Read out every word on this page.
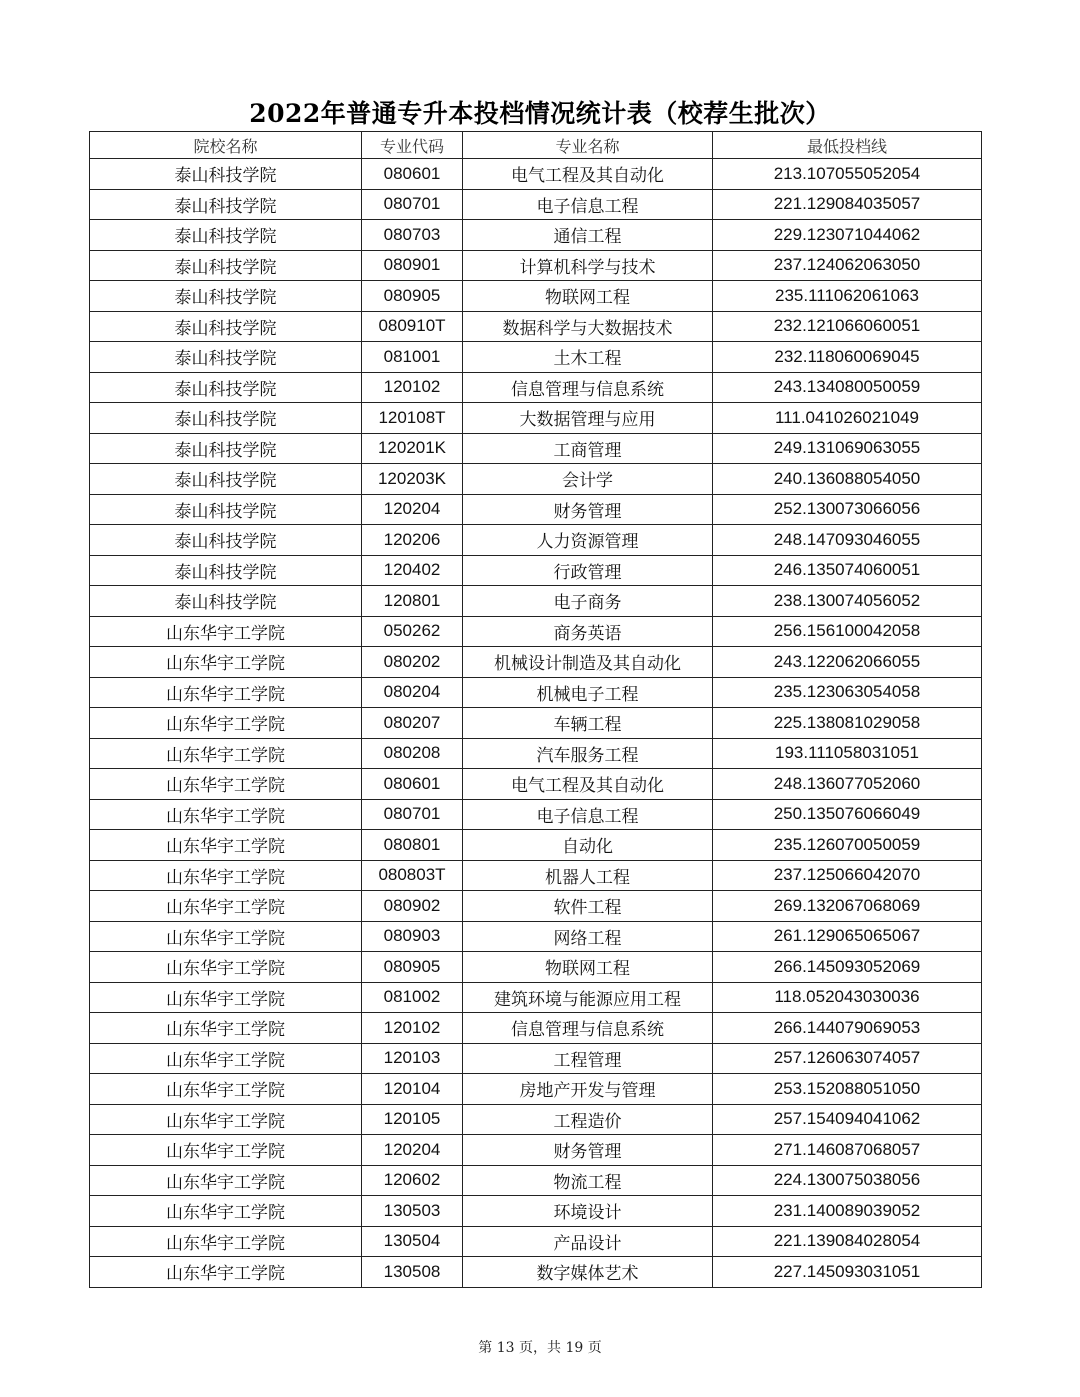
2022年普通专升本投档情况统计表（校荐生批次）
院校名称	专业代码	专业名称	最低投档线
泰山科技学院	080601	电气工程及其自动化	213.107055052054
泰山科技学院	080701	电子信息工程	221.129084035057
泰山科技学院	080703	通信工程	229.123071044062
泰山科技学院	080901	计算机科学与技术	237.124062063050
泰山科技学院	080905	物联网工程	235.111062061063
泰山科技学院	080910T	数据科学与大数据技术	232.121066060051
泰山科技学院	081001	土木工程	232.118060069045
泰山科技学院	120102	信息管理与信息系统	243.134080050059
泰山科技学院	120108T	大数据管理与应用	111.041026021049
泰山科技学院	120201K	工商管理	249.131069063055
泰山科技学院	120203K	会计学	240.136088054050
泰山科技学院	120204	财务管理	252.130073066056
泰山科技学院	120206	人力资源管理	248.147093046055
泰山科技学院	120402	行政管理	246.135074060051
泰山科技学院	120801	电子商务	238.130074056052
山东华宇工学院	050262	商务英语	256.156100042058
山东华宇工学院	080202	机械设计制造及其自动化	243.122062066055
山东华宇工学院	080204	机械电子工程	235.123063054058
山东华宇工学院	080207	车辆工程	225.138081029058
山东华宇工学院	080208	汽车服务工程	193.111058031051
山东华宇工学院	080601	电气工程及其自动化	248.136077052060
山东华宇工学院	080701	电子信息工程	250.135076066049
山东华宇工学院	080801	自动化	235.126070050059
山东华宇工学院	080803T	机器人工程	237.125066042070
山东华宇工学院	080902	软件工程	269.132067068069
山东华宇工学院	080903	网络工程	261.129065065067
山东华宇工学院	080905	物联网工程	266.145093052069
山东华宇工学院	081002	建筑环境与能源应用工程	118.052043030036
山东华宇工学院	120102	信息管理与信息系统	266.144079069053
山东华宇工学院	120103	工程管理	257.126063074057
山东华宇工学院	120104	房地产开发与管理	253.152088051050
山东华宇工学院	120105	工程造价	257.154094041062
山东华宇工学院	120204	财务管理	271.146087068057
山东华宇工学院	120602	物流工程	224.130075038056
山东华宇工学院	130503	环境设计	231.140089039052
山东华宇工学院	130504	产品设计	221.139084028054
山东华宇工学院	130508	数字媒体艺术	227.145093031051
第 13 页，共 19 页
